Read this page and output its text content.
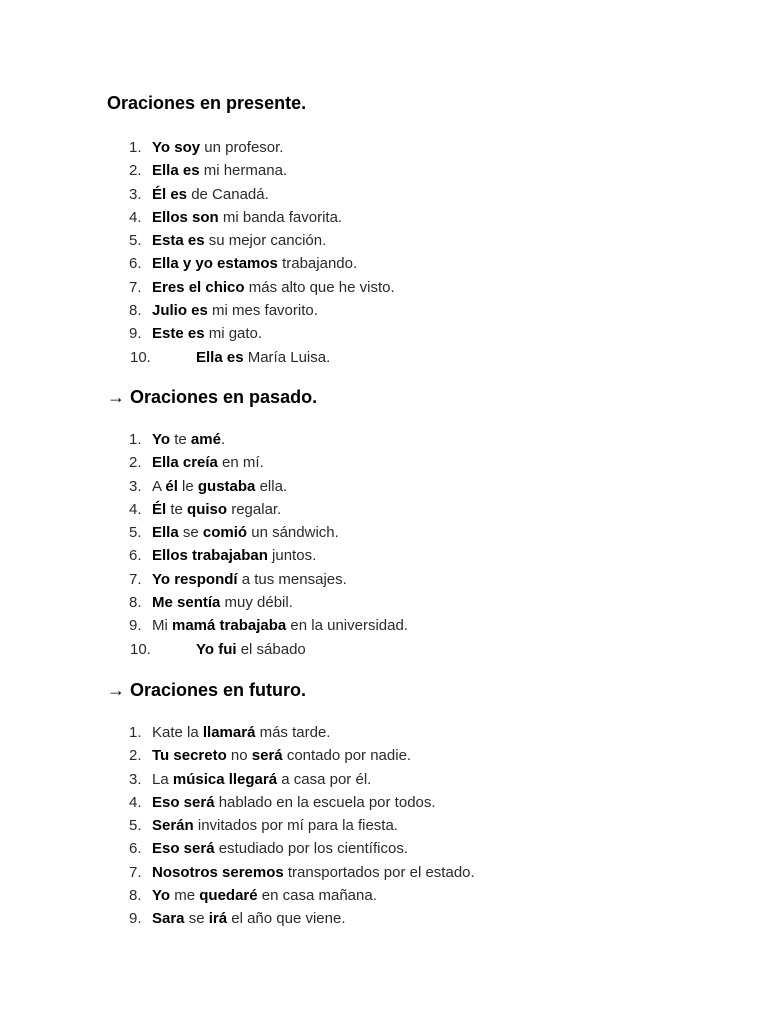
Oraciones en presente.
1. Yo soy un profesor.
2. Ella es mi hermana.
3. Él es de Canadá.
4. Ellos son mi banda favorita.
5. Esta es su mejor canción.
6. Ella y yo estamos trabajando.
7. Eres el chico más alto que he visto.
8. Julio es mi mes favorito.
9. Este es mi gato.
10.	Ella es María Luisa.
→ Oraciones en pasado.
1. Yo te amé.
2. Ella creía en mí.
3. A él le gustaba ella.
4. Él te quiso regalar.
5. Ella se comió un sándwich.
6. Ellos trabajaban juntos.
7. Yo respondí a tus mensajes.
8. Me sentía muy débil.
9. Mi mamá trabajaba en la universidad.
10.	Yo fui el sábado
→ Oraciones en futuro.
1. Kate la llamará más tarde.
2. Tu secreto no será contado por nadie.
3. La música llegará a casa por él.
4. Eso será hablado en la escuela por todos.
5. Serán invitados por mí para la fiesta.
6. Eso será estudiado por los científicos.
7. Nosotros seremos transportados por el estado.
8. Yo me quedaré en casa mañana.
9. Sara se irá el año que viene.
